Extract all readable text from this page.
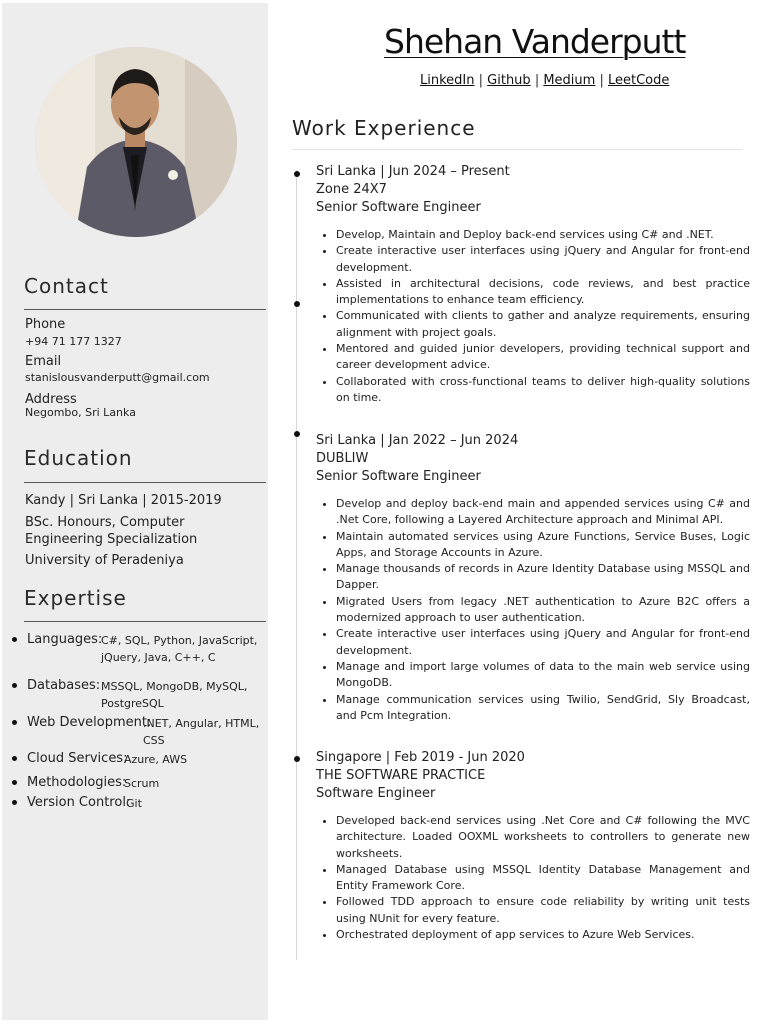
Contact
Phone
+94 71 177 1327
Email
stanislousvanderputt@gmail.com
Address
Negombo, Sri Lanka
Education
Kandy | Sri Lanka | 2015-2019
BSc. Honours, Computer Engineering Specialization
University of Peradeniya
Expertise
Languages:
C#, SQL, Python, JavaScript, jQuery, Java, C++, C
Databases: MSSQL, MongoDB, MySQL, PostgreSQL
Web Development:
.NET, Angular, HTML, CSS
Cloud Services:
Azure, AWS
Methodologies:
Scrum
Version Control:
Git
Shehan Vanderputt
LinkedIn | Github | Medium | LeetCode
Work Experience
Sri Lanka | Jun 2024 – Present
Zone 24X7
Senior Software Engineer
• Develop, Maintain and Deploy back-end services using C# and .NET.
• Create interactive user interfaces using jQuery and Angular for front-end development.
• Assisted in architectural decisions, code reviews, and best practice implementations to enhance team efficiency.
• Communicated with clients to gather and analyze requirements, ensuring alignment with project goals.
• Mentored and guided junior developers, providing technical support and career development advice.
• Collaborated with cross-functional teams to deliver high-quality solutions on time.
Sri Lanka | Jan 2022 – Jun 2024
DUBLIW
Senior Software Engineer
• Develop and deploy back-end main and appended services using C# and .Net Core, following a Layered Architecture approach and Minimal API.
• Maintain automated services using Azure Functions, Service Buses, Logic Apps, and Storage Accounts in Azure.
• Manage thousands of records in Azure Identity Database using MSSQL and Dapper.
• Migrated Users from legacy .NET authentication to Azure B2C offers a modernized approach to user authentication.
• Create interactive user interfaces using jQuery and Angular for front-end development.
• Manage and import large volumes of data to the main web service using MongoDB.
• Manage communication services using Twilio, SendGrid, Sly Broadcast, and Pcm Integration.
Singapore | Feb 2019 - Jun 2020
THE SOFTWARE PRACTICE
Software Engineer
• Developed back-end services using .Net Core and C# following the MVC architecture. Loaded OOXML worksheets to controllers to generate new worksheets.
• Managed Database using MSSQL Identity Database Management and Entity Framework Core.
• Followed TDD approach to ensure code reliability by writing unit tests using NUnit for every feature.
• Orchestrated deployment of app services to Azure Web Services.
